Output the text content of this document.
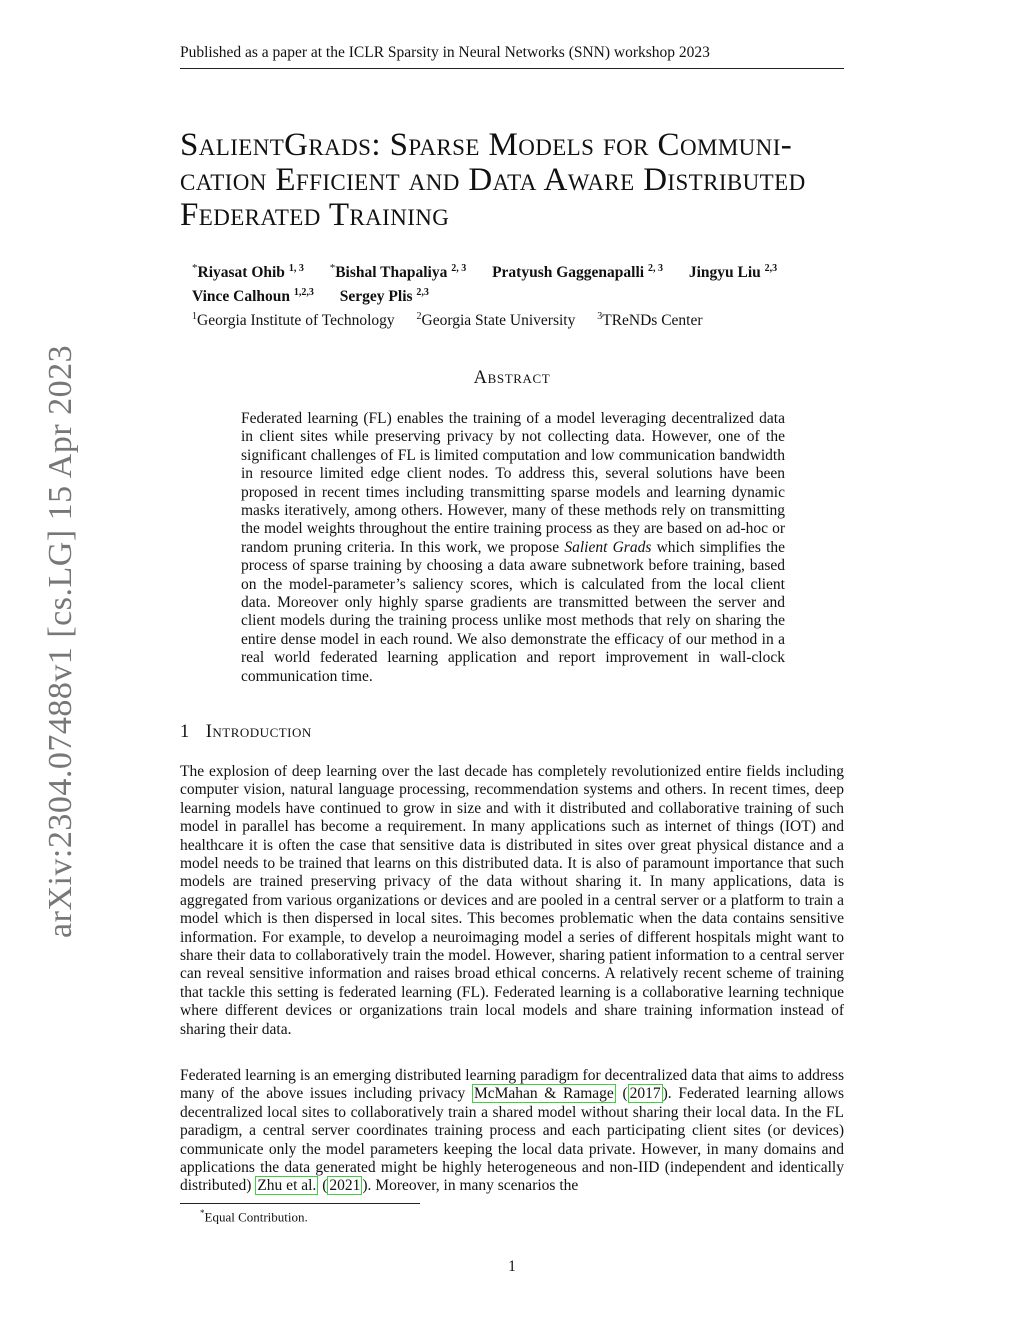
Published as a paper at the ICLR Sparsity in Neural Networks (SNN) workshop 2023
arXiv:2304.07488v1 [cs.LG] 15 Apr 2023
SalientGrads: Sparse Models for Communi-
cation Efficient and Data Aware Distributed
Federated Training
*Riyasat Ohib $^{1, 3}$ *Bishal Thapaliya $^{2, 3}$ Pratyush Gaggenapalli $^{2, 3}$ Jingyu Liu $^{2,3}$
Vince Calhoun $^{1,2,3}$ Sergey Plis $^{2,3}$
$^1$Georgia Institute of Technology $^2$Georgia State University $^3$TReNDs Center
Abstract

Federated learning (FL) enables the training of a model leveraging decentralized data in client sites while preserving privacy by not collecting data. However, one of the significant challenges of FL is limited computation and low communication bandwidth in resource limited edge client nodes. To address this, several solutions have been proposed in recent times including transmitting sparse models and learning dynamic masks iteratively, among others. However, many of these methods rely on transmitting the model weights throughout the entire training process as they are based on ad-hoc or random pruning criteria. In this work, we propose Salient Grads which simplifies the process of sparse training by choosing a data aware subnetwork before training, based on the model-parameter’s saliency scores, which is calculated from the local client data. Moreover only highly sparse gradients are transmitted between the server and client models during the training process unlike most methods that rely on sharing the entire dense model in each round. We also demonstrate the efficacy of our method in a real world federated learning application and report improvement in wall-clock communication time.

1 Introduction

The explosion of deep learning over the last decade has completely revolutionized entire fields including computer vision, natural language processing, recommendation systems and others. In recent times, deep learning models have continued to grow in size and with it distributed and collaborative training of such model in parallel has become a requirement. In many applications such as internet of things (IOT) and healthcare it is often the case that sensitive data is distributed in sites over great physical distance and a model needs to be trained that learns on this distributed data. It is also of paramount importance that such models are trained preserving privacy of the data without sharing it. In many applications, data is aggregated from various organizations or devices and are pooled in a central server or a platform to train a model which is then dispersed in local sites. This becomes problematic when the data contains sensitive information. For example, to develop a neuroimaging model a series of different hospitals might want to share their data to collaboratively train the model. However, sharing patient information to a central server can reveal sensitive information and raises broad ethical concerns. A relatively recent scheme of training that tackle this setting is federated learning (FL). Federated learning is a collaborative learning technique where different devices or organizations train local models and share training information instead of sharing their data.

Federated learning is an emerging distributed learning paradigm for decentralized data that aims to address many of the above issues including privacy McMahan & Ramage ( 2017 ). Federated learning allows decentralized local sites to collaboratively train a shared model without sharing their local data. In the FL paradigm, a central server coordinates training process and each participating client sites (or devices) communicate only the model parameters keeping the local data private. However, in many domains and applications the data generated might be highly heterogeneous and non-IID (independent and identically distributed) Zhu et al. ( 2021 ). Moreover, in many scenarios the

*Equal Contribution.
1
